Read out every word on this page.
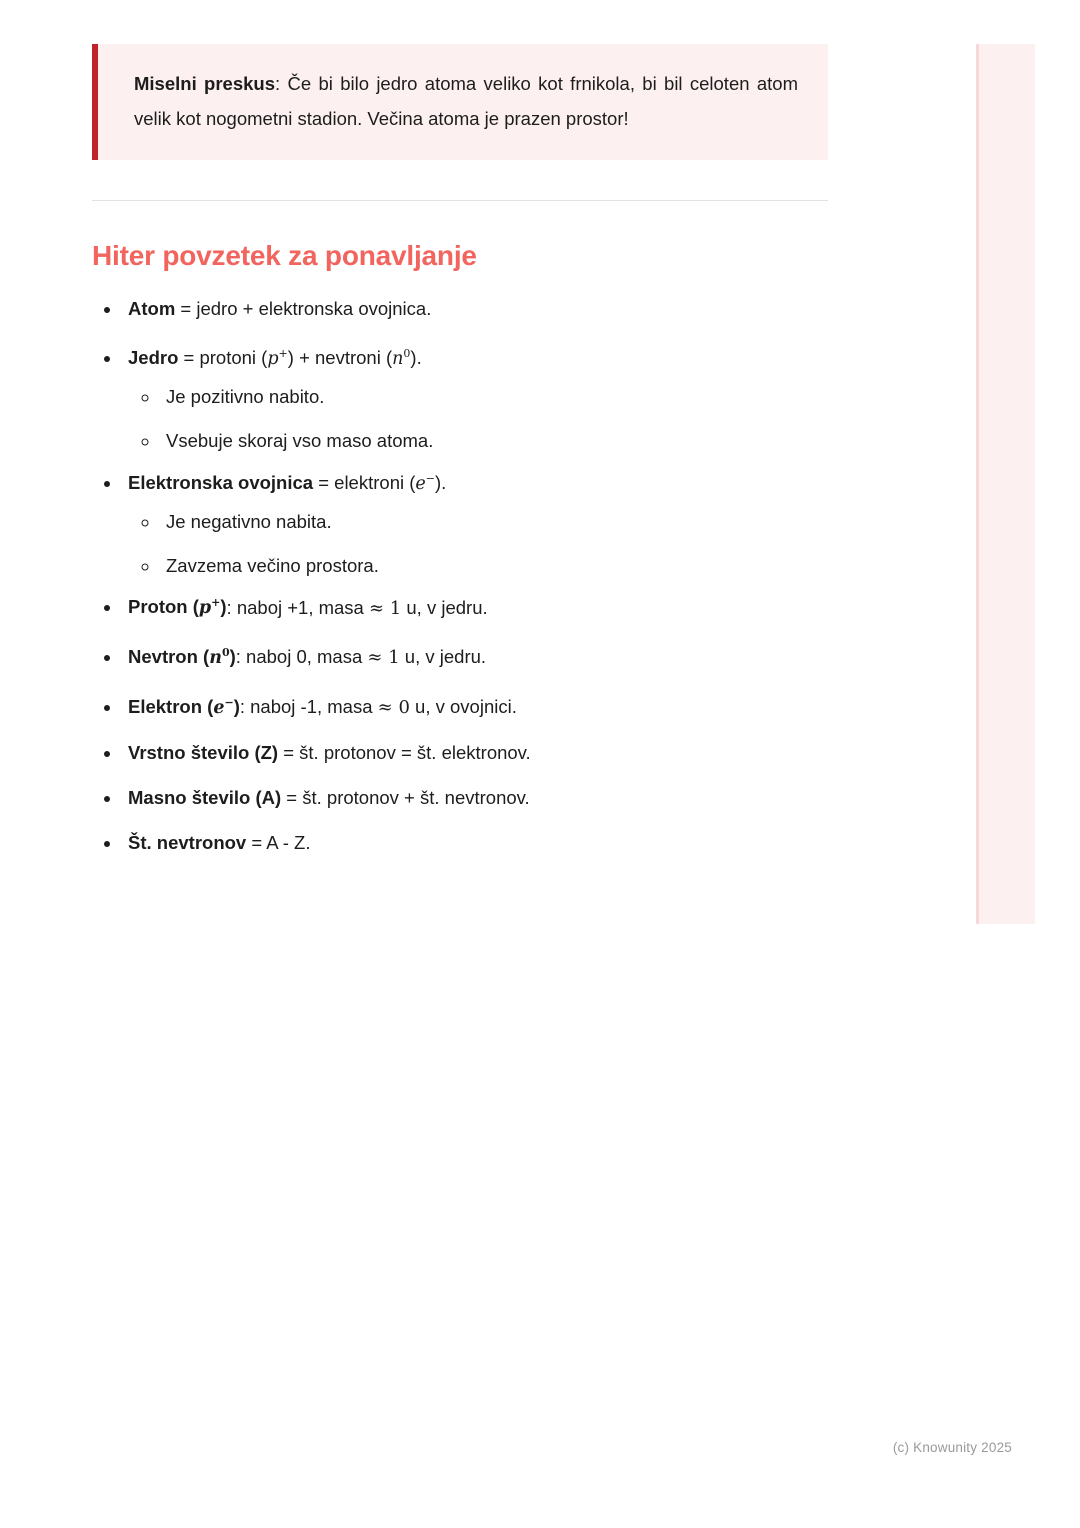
Miselni preskus: Če bi bilo jedro atoma veliko kot frnikola, bi bil celoten atom velik kot nogometni stadion. Večina atoma je prazen prostor!

Hiter povzetek za ponavljanje
• Atom = jedro + elektronska ovojnica.
• Jedro = protoni (p+) + nevtroni $(n^0)$.
◦ Je pozitivno nabito.
◦ Vsebuje skoraj vso maso atoma.
• Elektronska ovojnica = elektroni (e−).
◦ Je negativno nabita.
◦ Zavzema večino prostora.
• Proton (p+): naboj +1, masa ≈ 1 u, v jedru.
• Nevtron $(n^0)$: naboj 0, masa ≈ 1 u, v jedru.
• Elektron (e−): naboj -1, masa ≈ 0 u, v ovojnici.
• Vrstno število (Z) = št. protonov = št. elektronov.
• Masno število (A) = št. protonov + št. nevtronov.
• Št. nevtronov = A - Z.
(c) Knowunity 2025
